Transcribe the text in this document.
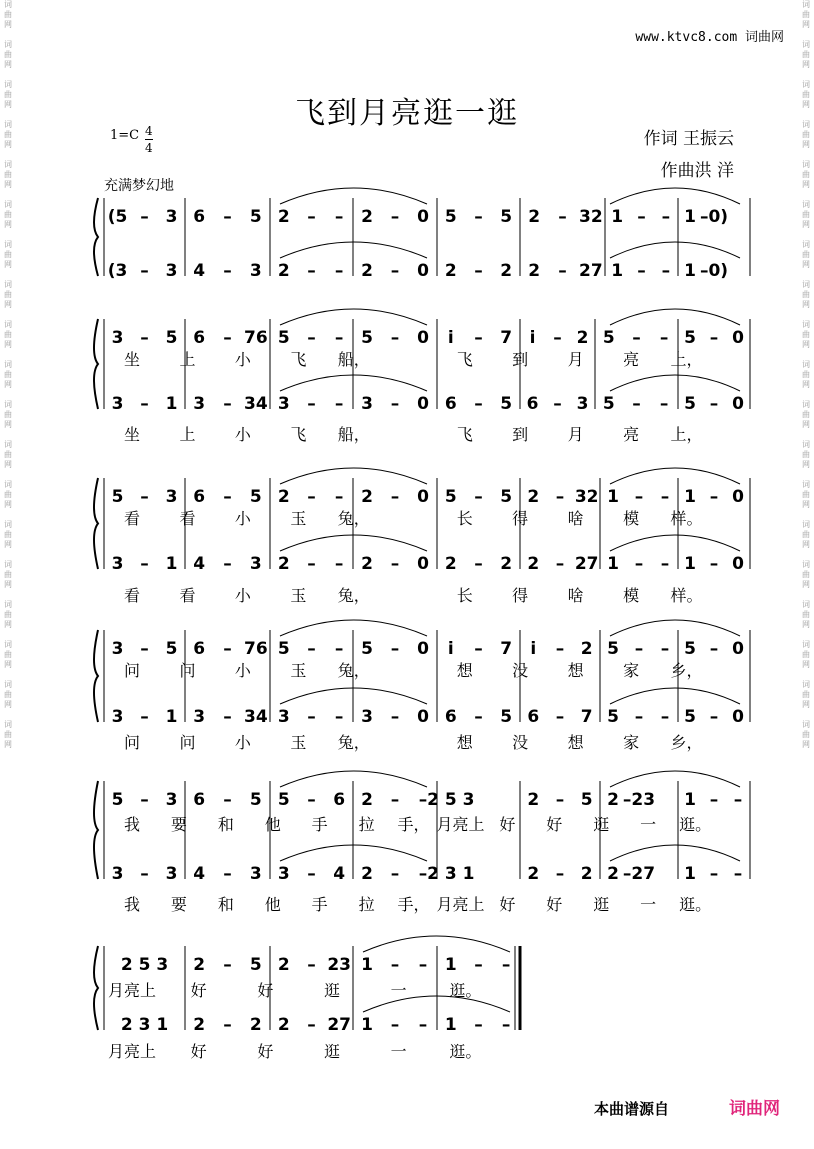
词
曲
网

词
曲
网

词
曲
网

词
曲
网

词
曲
网

词
曲
网

词
曲
网

词
曲
网

词
曲
网

词
曲
网

词
曲
网

词
曲
网

词
曲
网

词
曲
网

词
曲
网

词
曲
网

词
曲
网

词
曲
网

词
曲
网

词
曲
网

词
曲
网

词
曲
网

词
曲
网

词
曲
网

词
曲
网

词
曲
网

词
曲
网

词
曲
网

词
曲
网

词
曲
网

词
曲
网

词
曲
网

词
曲
网

词
曲
网

词
曲
网

词
曲
网

词
曲
网

词
曲
网

www.ktvc8.com 词曲网
飞到月亮逛一逛
$1=C \frac{4}{4}$	作词 王振云
作曲洪 洋
充满梦幻地
(5 – 3 6 – 5 2 – – 2 – 0 5 – 5 2 – 32 1 – – 1 –0)
(3 – 3 4 – 3 2 – – 2 – 0 2 – 2 2 – 27 1 – – 1 –0)
3 – 5 6 – 76 5 – – 5 – 0 i – 7 i – 2 5 – – 5 – 0
坐 上 小 飞 船，	飞 到 月 亮 上，
3 – 1 3 – 34 3 – – 3 – 0 6 – 5 6 – 3 5 – – 5 – 0
坐 上 小 飞 船，	飞 到 月 亮 上，
5 – 3 6 – 5 2 – – 2 – 0 5 – 5 2 – 32 1 – – 1 – 0
看 看 小 玉 兔，	长 得 啥 模 样。
3 – 1 4 – 3 2 – – 2 – 0 2 – 2 2 – 27 1 – – 1 – 0
看 看 小 玉 兔，	长 得 啥 模 样。
3 – 5 6 – 76 5 – – 5 – 0 i – 7 i – 2 5 – – 5 – 0
问 问 小 玉 兔，	想 没 想 家 乡，
3 – 1 3 – 34 3 – – 3 – 0 6 – 5 6 – 7 5 – – 5 – 0
问 问 小 玉 兔，	想 没 想 家 乡，
5 – 3 6 – 5 5 – 6 2 – – 2 5 3	2 – 5 2 –23 1 – –
我 要 和 他 手 拉 手， 月亮上 好 好 逛 一 逛。
3 – 3 4 – 3 3 – 4 2 – – 2 3 1	2 – 2 2 –27 1 – –
我 要 和 他 手 拉 手， 月亮上 好 好 逛 一 逛。
2 5 3 2 – 5 2 – 23 1 – – 1 – –
月亮上 好	好	逛	一	逛。
2 3 1 2 – 2 2 – 27 1 – – 1 – –
月亮上 好	好	逛	一	逛。
本曲谱源自	词曲网
